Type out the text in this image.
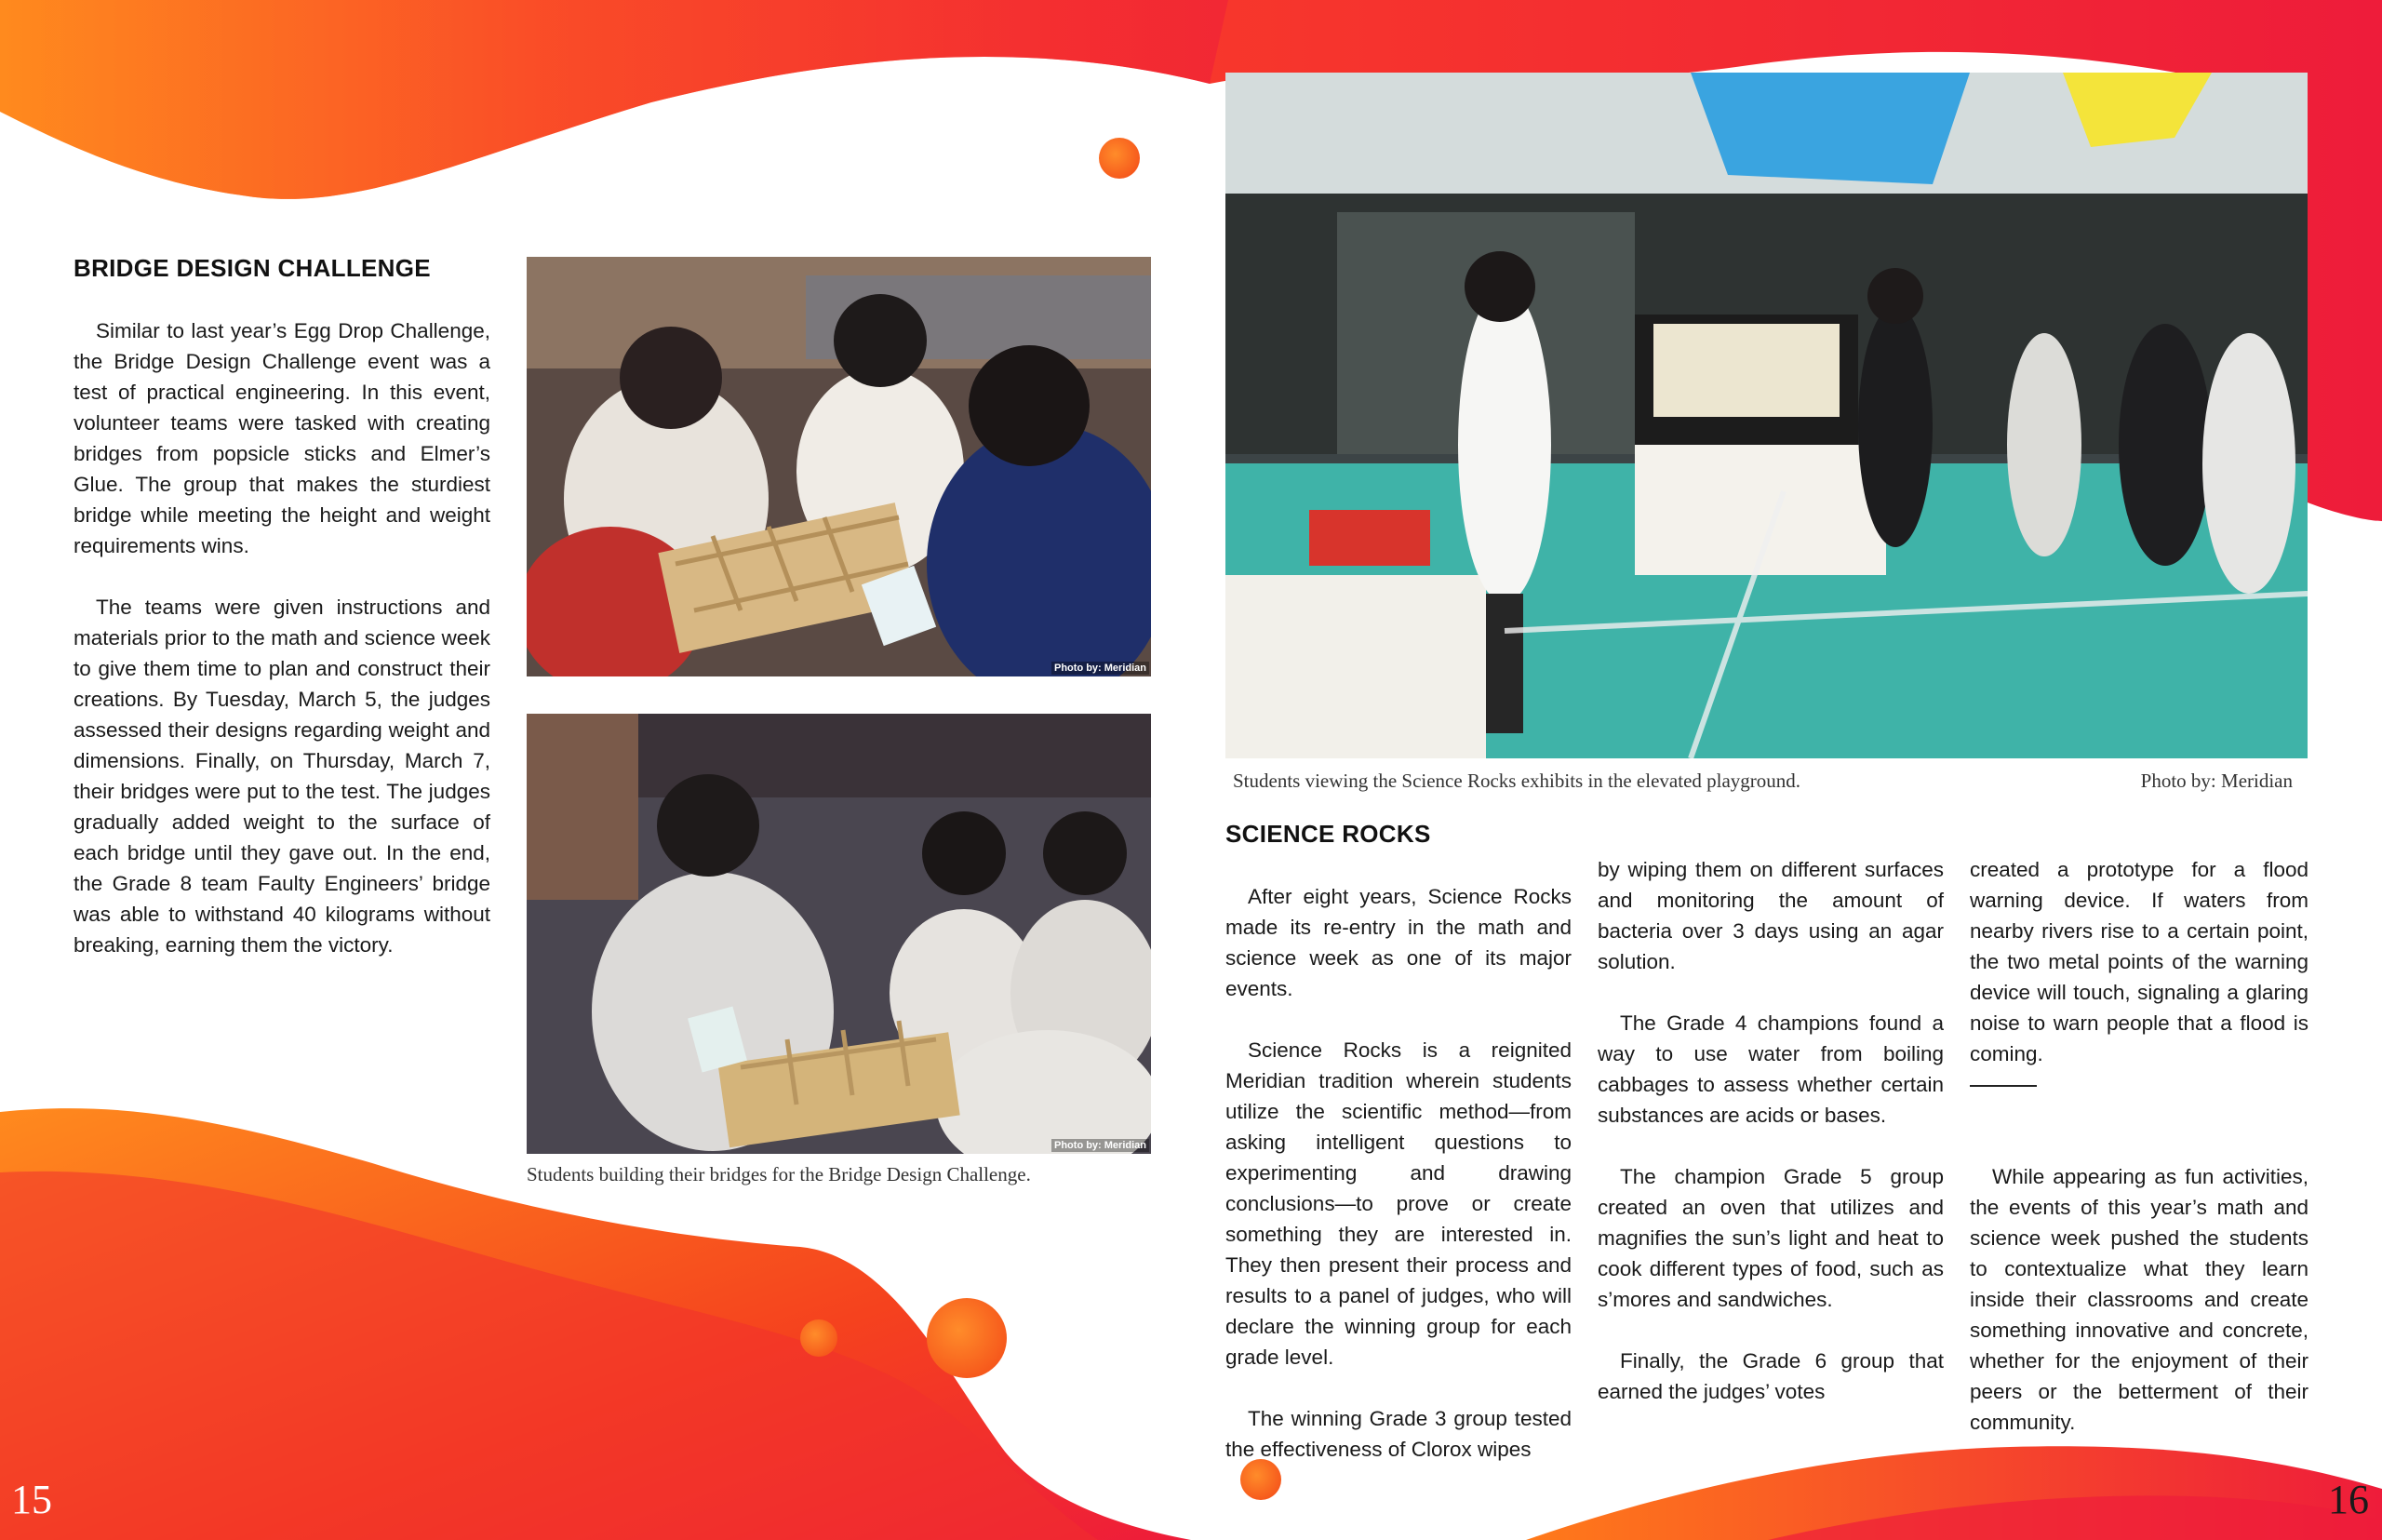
BRIDGE DESIGN CHALLENGE

Similar to last year’s Egg Drop Challenge, the Bridge Design Challenge event was a test of practical engineering. In this event, volunteer teams were tasked with creating bridges from popsicle sticks and Elmer’s Glue. The group that makes the sturdiest bridge while meeting the height and weight requirements wins.

The teams were given instructions and materials prior to the math and science week to give them time to plan and construct their creations. By Tuesday, March 5, the judges assessed their designs regarding weight and dimensions. Finally, on Thursday, March 7, their bridges were put to the test. The judges gradually added weight to the surface of each bridge until they gave out. In the end, the Grade 8 team Faulty Engineers’ bridge was able to withstand 40 kilograms without breaking, earning them the victory.

Photo by: Meridian
Photo by: Meridian
Students building their bridges for the Bridge Design Challenge.
15
Students viewing the Science Rocks exhibits in the elevated playground.	Photo by: Meridian
SCIENCE ROCKS

After eight years, Science Rocks made its re-entry in the math and science week as one of its major events.

Science Rocks is a reignited Meridian tradition wherein students utilize the scientific method—from asking intelligent questions to experimenting and drawing conclusions—to prove or create something they are interested in. They then present their process and results to a panel of judges, who will declare the winning group for each grade level.

The winning Grade 3 group tested the effectiveness of Clorox wipes

by wiping them on different surfaces and monitoring the amount of bacteria over 3 days using an agar solution.

The Grade 4 champions found a way to use water from boiling cabbages to assess whether certain substances are acids or bases.

The champion Grade 5 group created an oven that utilizes and magnifies the sun’s light and heat to cook different types of food, such as s’mores and sandwiches.

Finally, the Grade 6 group that earned the judges’ votes

created a prototype for a flood warning device. If waters from nearby rivers rise to a certain point, the two metal points of the warning device will touch, signaling a glaring noise to warn people that a flood is coming.

While appearing as fun activities, the events of this year’s math and science week pushed the students to contextualize what they learn inside their classrooms and create something innovative and concrete, whether for the enjoyment of their peers or the betterment of their community.

16
